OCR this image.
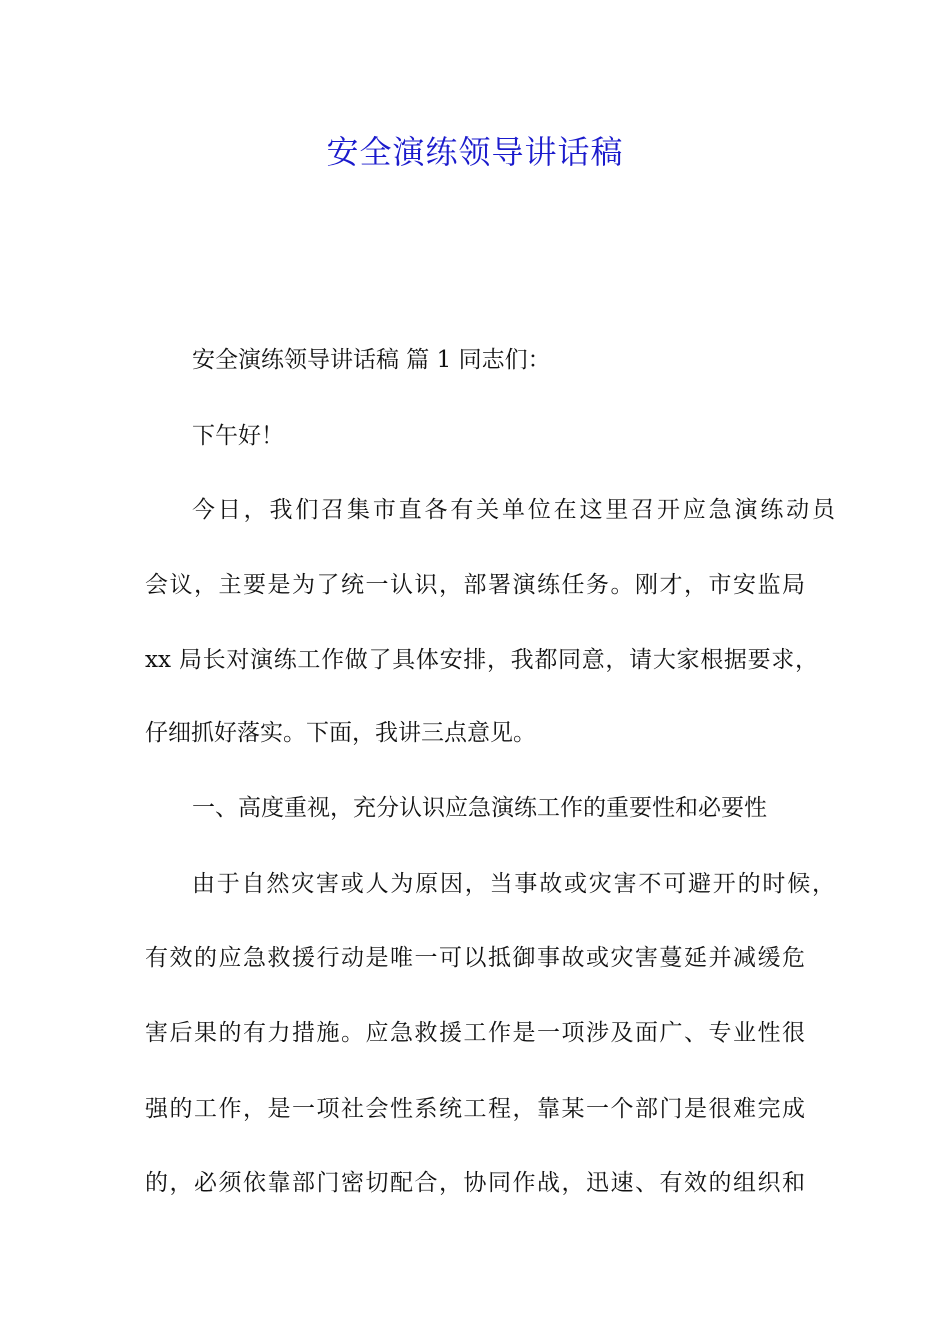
安全演练领导讲话稿

安全演练领导讲话稿 篇 1 同志们：

下午好！

今日，我们召集市直各有关单位在这里召开应急演练动员

会议，主要是为了统一认识，部署演练任务。刚才，市安监局

xx 局长对演练工作做了具体安排，我都同意，请大家根据要求，

仔细抓好落实。下面，我讲三点意见。

一、高度重视，充分认识应急演练工作的重要性和必要性

由于自然灾害或人为原因，当事故或灾害不可避开的时候，

有效的应急救援行动是唯一可以抵御事故或灾害蔓延并减缓危

害后果的有力措施。应急救援工作是一项涉及面广、专业性很

强的工作，是一项社会性系统工程，靠某一个部门是很难完成

的，必须依靠部门密切配合，协同作战，迅速、有效的组织和
